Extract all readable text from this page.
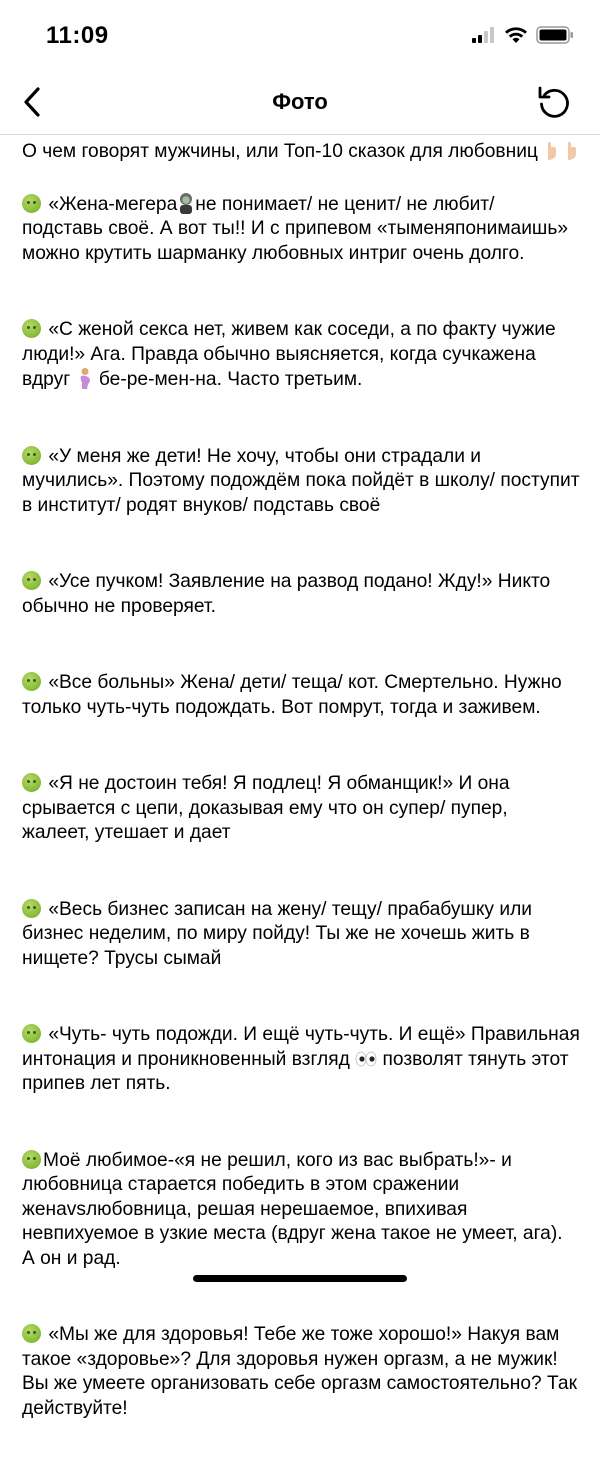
11:09
Фото

О чем говорят мужчины, или Топ-10 сказок для любовниц

«Жена-мегера не понимает/ не ценит/ не любит/ подставь своё. А вот ты!! И с припевом «тыменяпонимаишь» можно крутить шарманку любовных интриг очень долго.

«С женой секса нет, живем как соседи, а по факту чужие люди!» Ага. Правда обычно выясняется, когда сучкажена вдруг  бе-ре-мен-на. Часто третьим.

«У меня же дети! Не хочу, чтобы они страдали и мучились». Поэтому подождём пока пойдёт в школу/ поступит в институт/ родят внуков/ подставь своё

«Усе пучком! Заявление на развод подано! Жду!» Никто обычно не проверяет.

«Все больны» Жена/ дети/ теща/ кот. Смертельно. Нужно только чуть-чуть подождать. Вот помрут, тогда и заживем.

«Я не достоин тебя! Я подлец! Я обманщик!» И она срывается с цепи, доказывая ему что он супер/ пупер, жалеет, утешает и дает

«Весь бизнес записан на жену/ тещу/ прабабушку или бизнес неделим, по миру пойду! Ты же не хочешь жить в нищете? Трусы сымай

«Чуть- чуть подожди. И ещё чуть-чуть. И ещё» Правильная интонация и проникновенный взгляд  позволят тянуть этот припев лет пять.

Моё любимое-«я не решил, кого из вас выбрать!»- и любовница старается победить в этом сражении женаvsлюбовница, решая нерешаемое, впихивая невпихуемое в узкие места (вдруг жена такое не умеет, ага). А он и рад.

«Мы же для здоровья! Тебе же тоже хорошо!» Накуя вам такое «здоровье»? Для здоровья нужен оргазм, а не мужик! Вы же умеете организовать себе оргазм самостоятельно? Так действуйте!
